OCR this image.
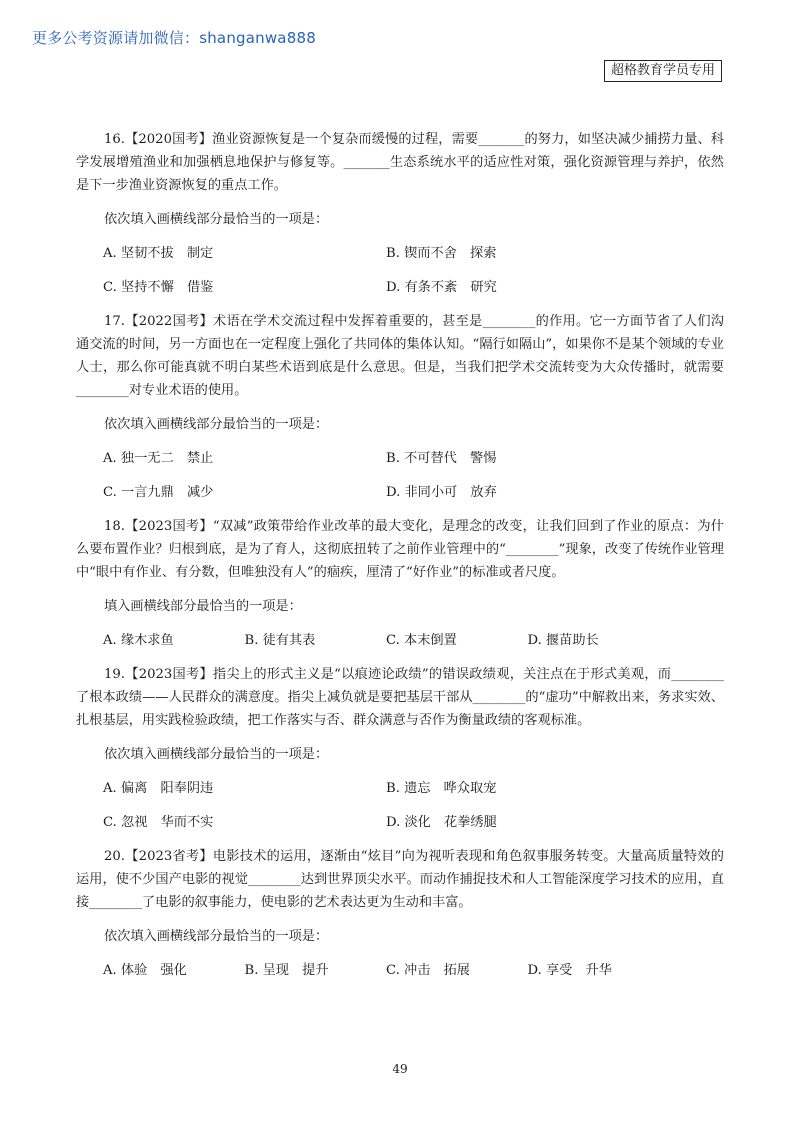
更多公考资源请加微信：shanganwa888
超格教育学员专用

16.【2020国考】渔业资源恢复是一个复杂而缓慢的过程，需要_______的努力，如坚决减少捕捞力量、科学发展增殖渔业和加强栖息地保护与修复等。_______生态系统水平的适应性对策，强化资源管理与养护，依然是下一步渔业资源恢复的重点工作。

依次填入画横线部分最恰当的一项是：

A. 坚韧不拔　制定	B. 锲而不舍　探索
C. 坚持不懈　借鉴	D. 有条不紊　研究

17.【2022国考】术语在学术交流过程中发挥着重要的，甚至是________的作用。它一方面节省了人们沟通交流的时间，另一方面也在一定程度上强化了共同体的集体认知。“隔行如隔山”，如果你不是某个领域的专业人士，那么你可能真就不明白某些术语到底是什么意思。但是，当我们把学术交流转变为大众传播时，就需要________对专业术语的使用。

依次填入画横线部分最恰当的一项是：

A. 独一无二　禁止	B. 不可替代　警惕
C. 一言九鼎　减少	D. 非同小可　放弃

18.【2023国考】“双减”政策带给作业改革的最大变化，是理念的改变，让我们回到了作业的原点：为什么要布置作业？归根到底，是为了育人，这彻底扭转了之前作业管理中的“________”现象，改变了传统作业管理中“眼中有作业、有分数，但唯独没有人”的痼疾，厘清了“好作业”的标准或者尺度。

填入画横线部分最恰当的一项是：

A. 缘木求鱼	B. 徒有其表	C. 本末倒置	D. 揠苗助长

19.【2023国考】指尖上的形式主义是“以痕迹论政绩”的错误政绩观，关注点在于形式美观，而________了根本政绩——人民群众的满意度。指尖上减负就是要把基层干部从________的“虚功”中解救出来，务求实效、扎根基层，用实践检验政绩，把工作落实与否、群众满意与否作为衡量政绩的客观标准。

依次填入画横线部分最恰当的一项是：

A. 偏离　阳奉阴违	B. 遗忘　哗众取宠
C. 忽视　华而不实	D. 淡化　花拳绣腿

20.【2023省考】电影技术的运用，逐渐由“炫目”向为视听表现和角色叙事服务转变。大量高质量特效的运用，使不少国产电影的视觉________达到世界顶尖水平。而动作捕捉技术和人工智能深度学习技术的应用，直接________了电影的叙事能力，使电影的艺术表达更为生动和丰富。

依次填入画横线部分最恰当的一项是：

A. 体验　强化	B. 呈现　提升	C. 冲击　拓展	D. 享受　升华
49
